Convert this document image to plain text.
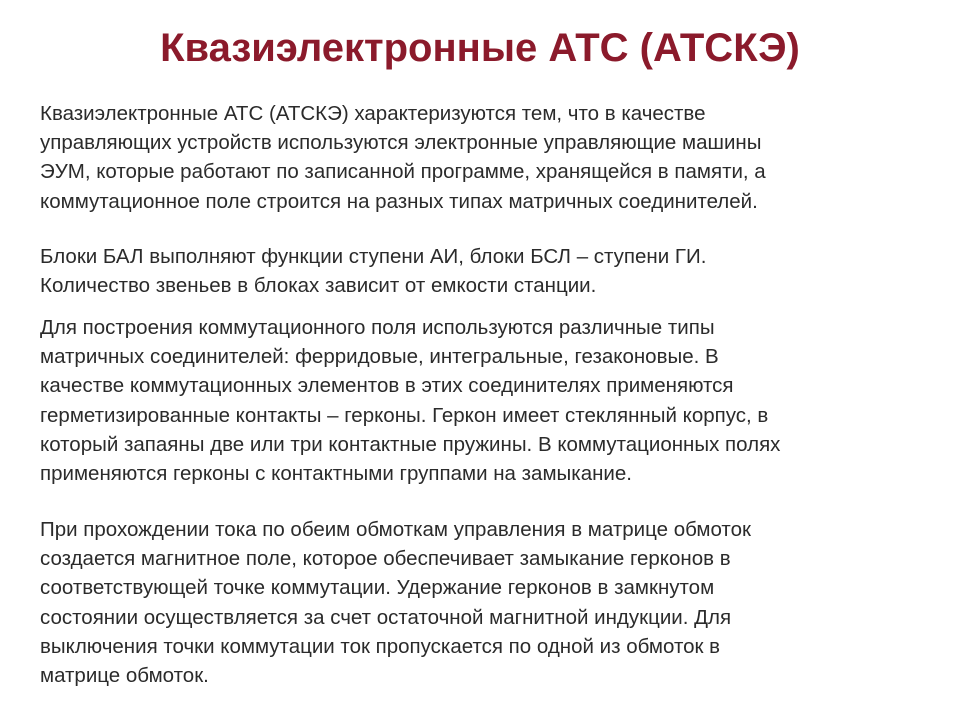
Квазиэлектронные АТС (АТСКЭ)

Квазиэлектронные АТС (АТСКЭ) характеризуются тем, что в качестве
управляющих устройств используются электронные управляющие машины
ЭУМ, которые работают по записанной программе, хранящейся в памяти, а
коммутационное поле строится на разных типах матричных соединителей.

Блоки БАЛ выполняют функции ступени АИ, блоки БСЛ – ступени ГИ.
Количество звеньев в блоках зависит от емкости станции.

Для построения коммутационного поля используются различные типы
матричных соединителей: ферридовые, интегральные, гезаконовые. В
качестве коммутационных элементов в этих соединителях применяются
герметизированные контакты – герконы. Геркон имеет стеклянный корпус, в
который запаяны две или три контактные пружины. В коммутационных полях
применяются герконы с контактными группами на замыкание.

При прохождении тока по обеим обмоткам управления в матрице обмоток
создается магнитное поле, которое обеспечивает замыкание герконов в
соответствующей точке коммутации. Удержание герконов в замкнутом
состоянии осуществляется за счет остаточной магнитной индукции. Для
выключения точки коммутации ток пропускается по одной из обмоток в
матрице обмоток.
